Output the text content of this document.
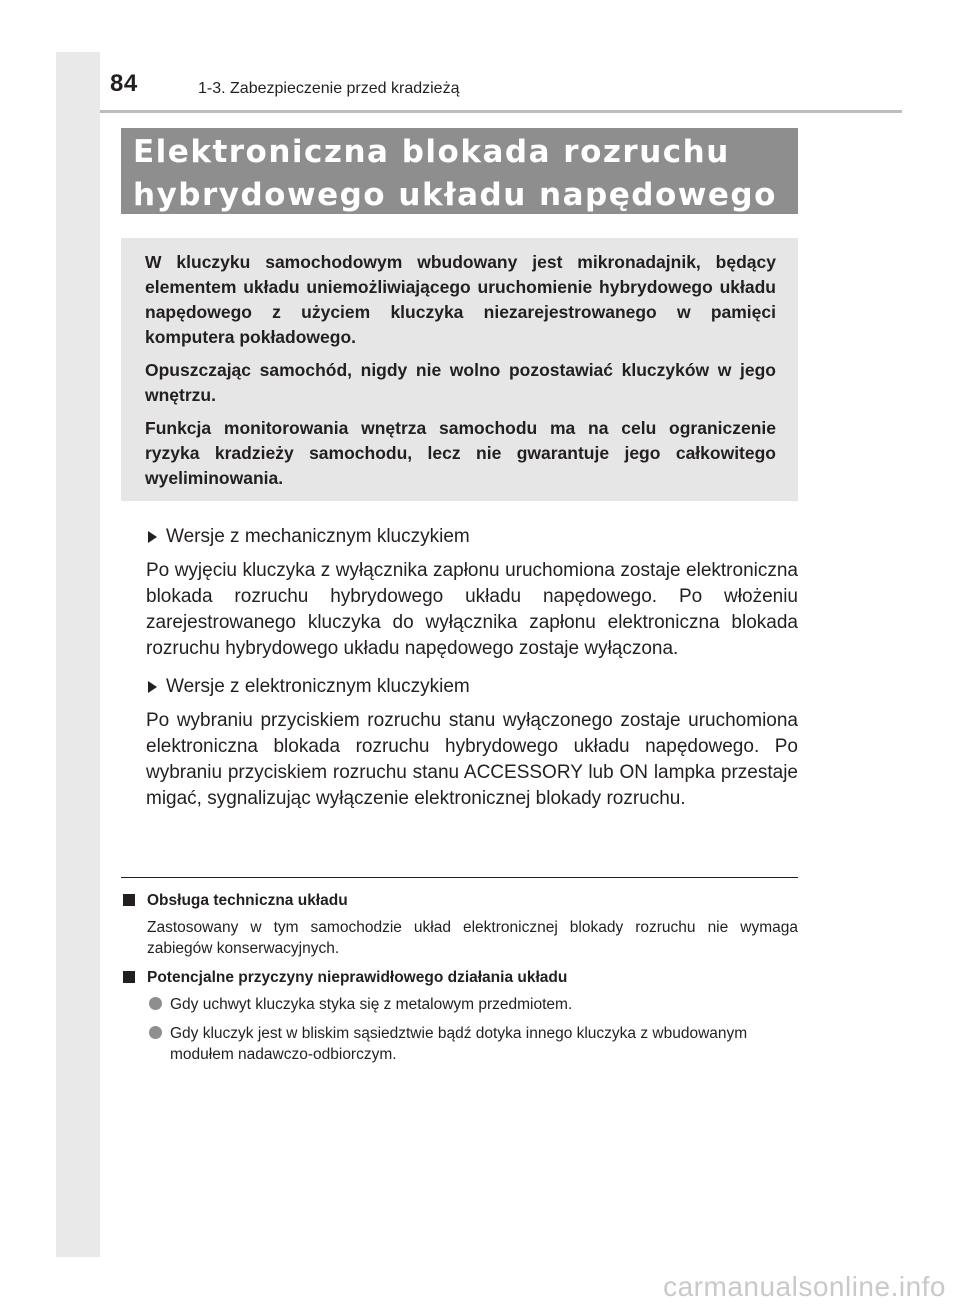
84	1-3. Zabezpieczenie przed kradzieżą
Elektroniczna blokada rozruchu
hybrydowego układu napędowego

W kluczyku samochodowym wbudowany jest mikronadajnik, będący elementem układu uniemożliwiającego uruchomienie hybrydowego układu napędowego z użyciem kluczyka niezarejestrowanego w pamięci komputera pokładowego.

Opuszczając samochód, nigdy nie wolno pozostawiać kluczyków w jego wnętrzu.

Funkcja monitorowania wnętrza samochodu ma na celu ograniczenie ryzyka kradzieży samochodu, lecz nie gwarantuje jego całkowitego wyeliminowania.

Wersje z mechanicznym kluczykiem

Po wyjęciu kluczyka z wyłącznika zapłonu uruchomiona zostaje elektroniczna blokada rozruchu hybrydowego układu napędowego. Po włożeniu zarejestrowanego kluczyka do wyłącznika zapłonu elektroniczna blokada rozruchu hybrydowego układu napędowego zostaje wyłączona.

Wersje z elektronicznym kluczykiem

Po wybraniu przyciskiem rozruchu stanu wyłączonego zostaje uruchomiona elektroniczna blokada rozruchu hybrydowego układu napędowego. Po wybraniu przyciskiem rozruchu stanu ACCESSORY lub ON lampka przestaje migać, sygnalizując wyłączenie elektronicznej blokady rozruchu.

Obsługa techniczna układu

Zastosowany w tym samochodzie układ elektronicznej blokady rozruchu nie wymaga zabiegów konserwacyjnych.

Potencjalne przyczyny nieprawidłowego działania układu
Gdy uchwyt kluczyka styka się z metalowym przedmiotem.
Gdy kluczyk jest w bliskim sąsiedztwie bądź dotyka innego kluczyka z wbudowanym modułem nadawczo-odbiorczym.
carmanualsonline.info
